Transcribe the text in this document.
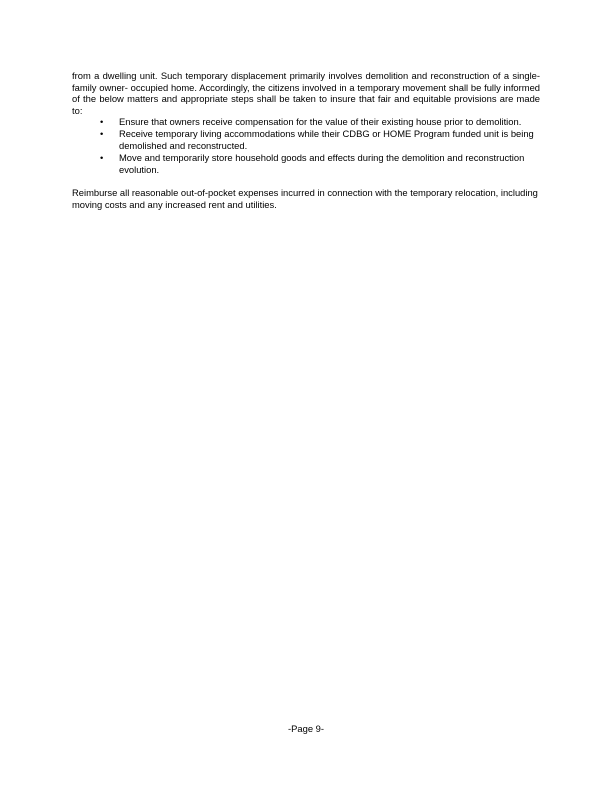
from a dwelling unit. Such temporary displacement primarily involves demolition and reconstruction of a single-family owner- occupied home. Accordingly, the citizens involved in a temporary movement shall be fully informed of the below matters and appropriate steps shall be taken to insure that fair and equitable provisions are made to:

•	Ensure that owners receive compensation for the value of their existing house prior to demolition.
•	Receive temporary living accommodations while their CDBG or HOME Program funded unit is being demolished and reconstructed.
•	Move and temporarily store household goods and effects during the demolition and reconstruction evolution.

Reimburse all reasonable out-of-pocket expenses incurred in connection with the temporary relocation, including moving costs and any increased rent and utilities.

-Page 9-
